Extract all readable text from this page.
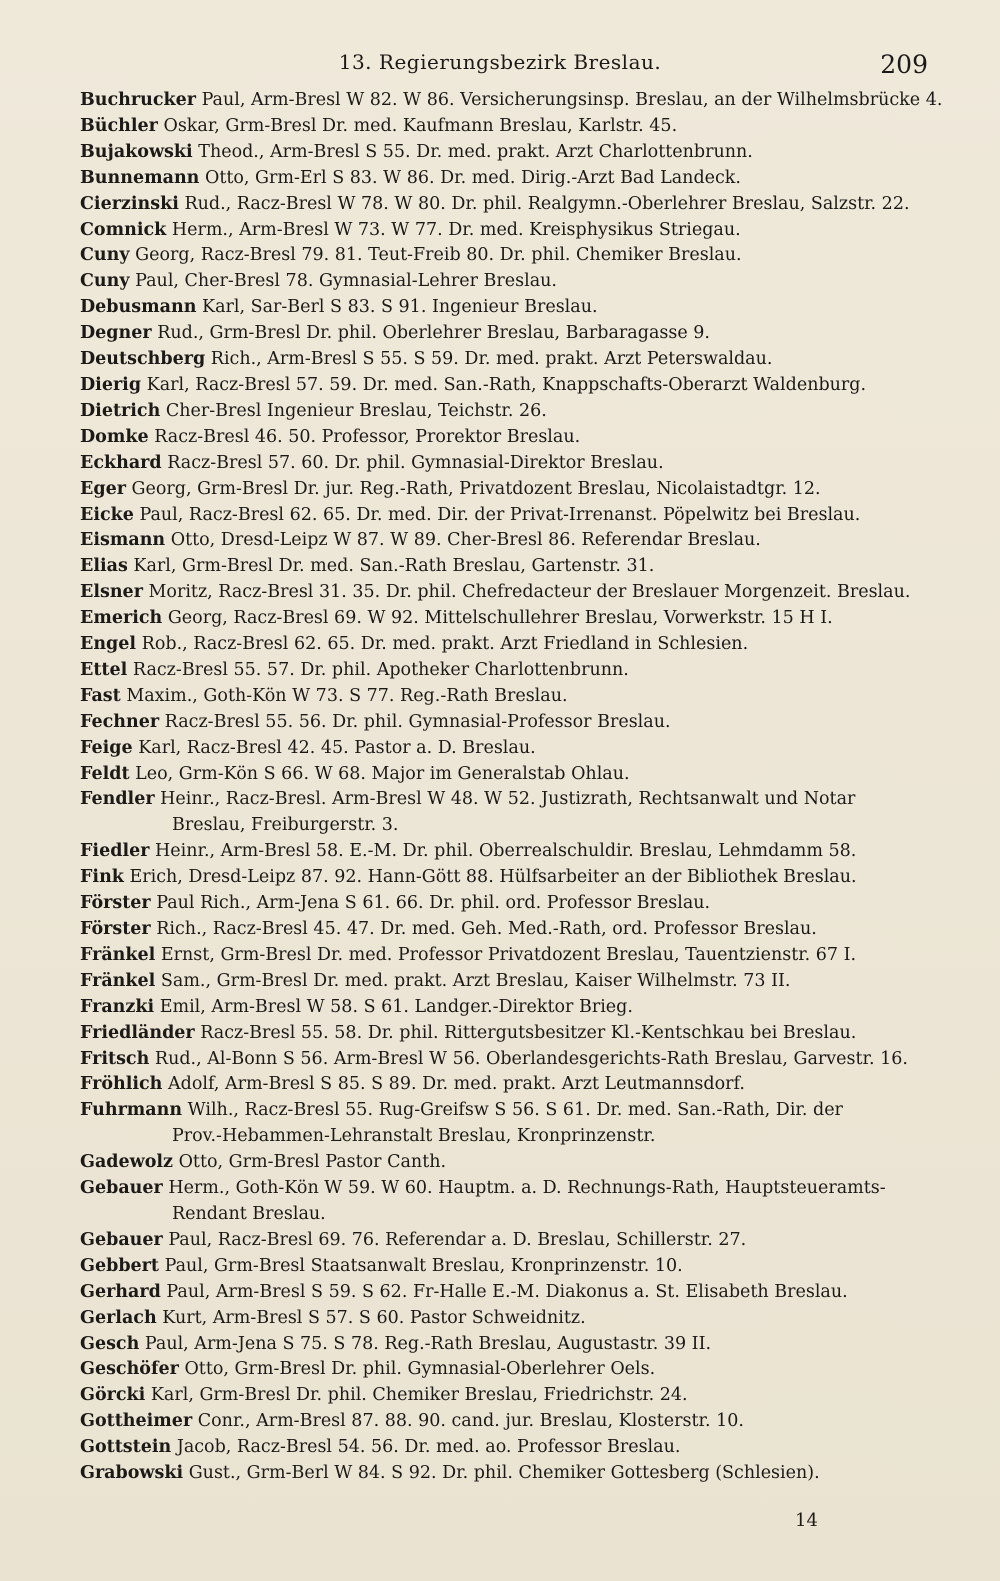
13. Regierungsbezirk Breslau.	209
Buchrucker Paul, Arm-Bresl W 82. W 86. Versicherungsinsp. Breslau, an der Wilhelmsbrücke 4.
Büchler Oskar, Grm-Bresl Dr. med. Kaufmann Breslau, Karlstr. 45.
Bujakowski Theod., Arm-Bresl S 55. Dr. med. prakt. Arzt Charlottenbrunn.
Bunnemann Otto, Grm-Erl S 83. W 86. Dr. med. Dirig.-Arzt Bad Landeck.
Cierzinski Rud., Racz-Bresl W 78. W 80. Dr. phil. Realgymn.-Oberlehrer Breslau, Salzstr. 22.
Comnick Herm., Arm-Bresl W 73. W 77. Dr. med. Kreisphysikus Striegau.
Cuny Georg, Racz-Bresl 79. 81. Teut-Freib 80. Dr. phil. Chemiker Breslau.
Cuny Paul, Cher-Bresl 78. Gymnasial-Lehrer Breslau.
Debusmann Karl, Sar-Berl S 83. S 91. Ingenieur Breslau.
Degner Rud., Grm-Bresl Dr. phil. Oberlehrer Breslau, Barbaragasse 9.
Deutschberg Rich., Arm-Bresl S 55. S 59. Dr. med. prakt. Arzt Peterswaldau.
Dierig Karl, Racz-Bresl 57. 59. Dr. med. San.-Rath, Knappschafts-Oberarzt Waldenburg.
Dietrich Cher-Bresl Ingenieur Breslau, Teichstr. 26.
Domke Racz-Bresl 46. 50. Professor, Prorektor Breslau.
Eckhard Racz-Bresl 57. 60. Dr. phil. Gymnasial-Direktor Breslau.
Eger Georg, Grm-Bresl Dr. jur. Reg.-Rath, Privatdozent Breslau, Nicolaistadtgr. 12.
Eicke Paul, Racz-Bresl 62. 65. Dr. med. Dir. der Privat-Irrenanst. Pöpelwitz bei Breslau.
Eismann Otto, Dresd-Leipz W 87. W 89. Cher-Bresl 86. Referendar Breslau.
Elias Karl, Grm-Bresl Dr. med. San.-Rath Breslau, Gartenstr. 31.
Elsner Moritz, Racz-Bresl 31. 35. Dr. phil. Chefredacteur der Breslauer Morgenzeit. Breslau.
Emerich Georg, Racz-Bresl 69. W 92. Mittelschullehrer Breslau, Vorwerkstr. 15 H I.
Engel Rob., Racz-Bresl 62. 65. Dr. med. prakt. Arzt Friedland in Schlesien.
Ettel Racz-Bresl 55. 57. Dr. phil. Apotheker Charlottenbrunn.
Fast Maxim., Goth-Kön W 73. S 77. Reg.-Rath Breslau.
Fechner Racz-Bresl 55. 56. Dr. phil. Gymnasial-Professor Breslau.
Feige Karl, Racz-Bresl 42. 45. Pastor a. D. Breslau.
Feldt Leo, Grm-Kön S 66. W 68. Major im Generalstab Ohlau.
Fendler Heinr., Racz-Bresl. Arm-Bresl W 48. W 52. Justizrath, Rechtsanwalt und Notar
Breslau, Freiburgerstr. 3.
Fiedler Heinr., Arm-Bresl 58. E.-M. Dr. phil. Oberrealschuldir. Breslau, Lehmdamm 58.
Fink Erich, Dresd-Leipz 87. 92. Hann-Gött 88. Hülfsarbeiter an der Bibliothek Breslau.
Förster Paul Rich., Arm-Jena S 61. 66. Dr. phil. ord. Professor Breslau.
Förster Rich., Racz-Bresl 45. 47. Dr. med. Geh. Med.-Rath, ord. Professor Breslau.
Fränkel Ernst, Grm-Bresl Dr. med. Professor Privatdozent Breslau, Tauentzienstr. 67 I.
Fränkel Sam., Grm-Bresl Dr. med. prakt. Arzt Breslau, Kaiser Wilhelmstr. 73 II.
Franzki Emil, Arm-Bresl W 58. S 61. Landger.-Direktor Brieg.
Friedländer Racz-Bresl 55. 58. Dr. phil. Rittergutsbesitzer Kl.-Kentschkau bei Breslau.
Fritsch Rud., Al-Bonn S 56. Arm-Bresl W 56. Oberlandesgerichts-Rath Breslau, Garvestr. 16.
Fröhlich Adolf, Arm-Bresl S 85. S 89. Dr. med. prakt. Arzt Leutmannsdorf.
Fuhrmann Wilh., Racz-Bresl 55. Rug-Greifsw S 56. S 61. Dr. med. San.-Rath, Dir. der
Prov.-Hebammen-Lehranstalt Breslau, Kronprinzenstr.
Gadewolz Otto, Grm-Bresl Pastor Canth.
Gebauer Herm., Goth-Kön W 59. W 60. Hauptm. a. D. Rechnungs-Rath, Hauptsteueramts-
Rendant Breslau.
Gebauer Paul, Racz-Bresl 69. 76. Referendar a. D. Breslau, Schillerstr. 27.
Gebbert Paul, Grm-Bresl Staatsanwalt Breslau, Kronprinzenstr. 10.
Gerhard Paul, Arm-Bresl S 59. S 62. Fr-Halle E.-M. Diakonus a. St. Elisabeth Breslau.
Gerlach Kurt, Arm-Bresl S 57. S 60. Pastor Schweidnitz.
Gesch Paul, Arm-Jena S 75. S 78. Reg.-Rath Breslau, Augustastr. 39 II.
Geschöfer Otto, Grm-Bresl Dr. phil. Gymnasial-Oberlehrer Oels.
Görcki Karl, Grm-Bresl Dr. phil. Chemiker Breslau, Friedrichstr. 24.
Gottheimer Conr., Arm-Bresl 87. 88. 90. cand. jur. Breslau, Klosterstr. 10.
Gottstein Jacob, Racz-Bresl 54. 56. Dr. med. ao. Professor Breslau.
Grabowski Gust., Grm-Berl W 84. S 92. Dr. phil. Chemiker Gottesberg (Schlesien).
14
